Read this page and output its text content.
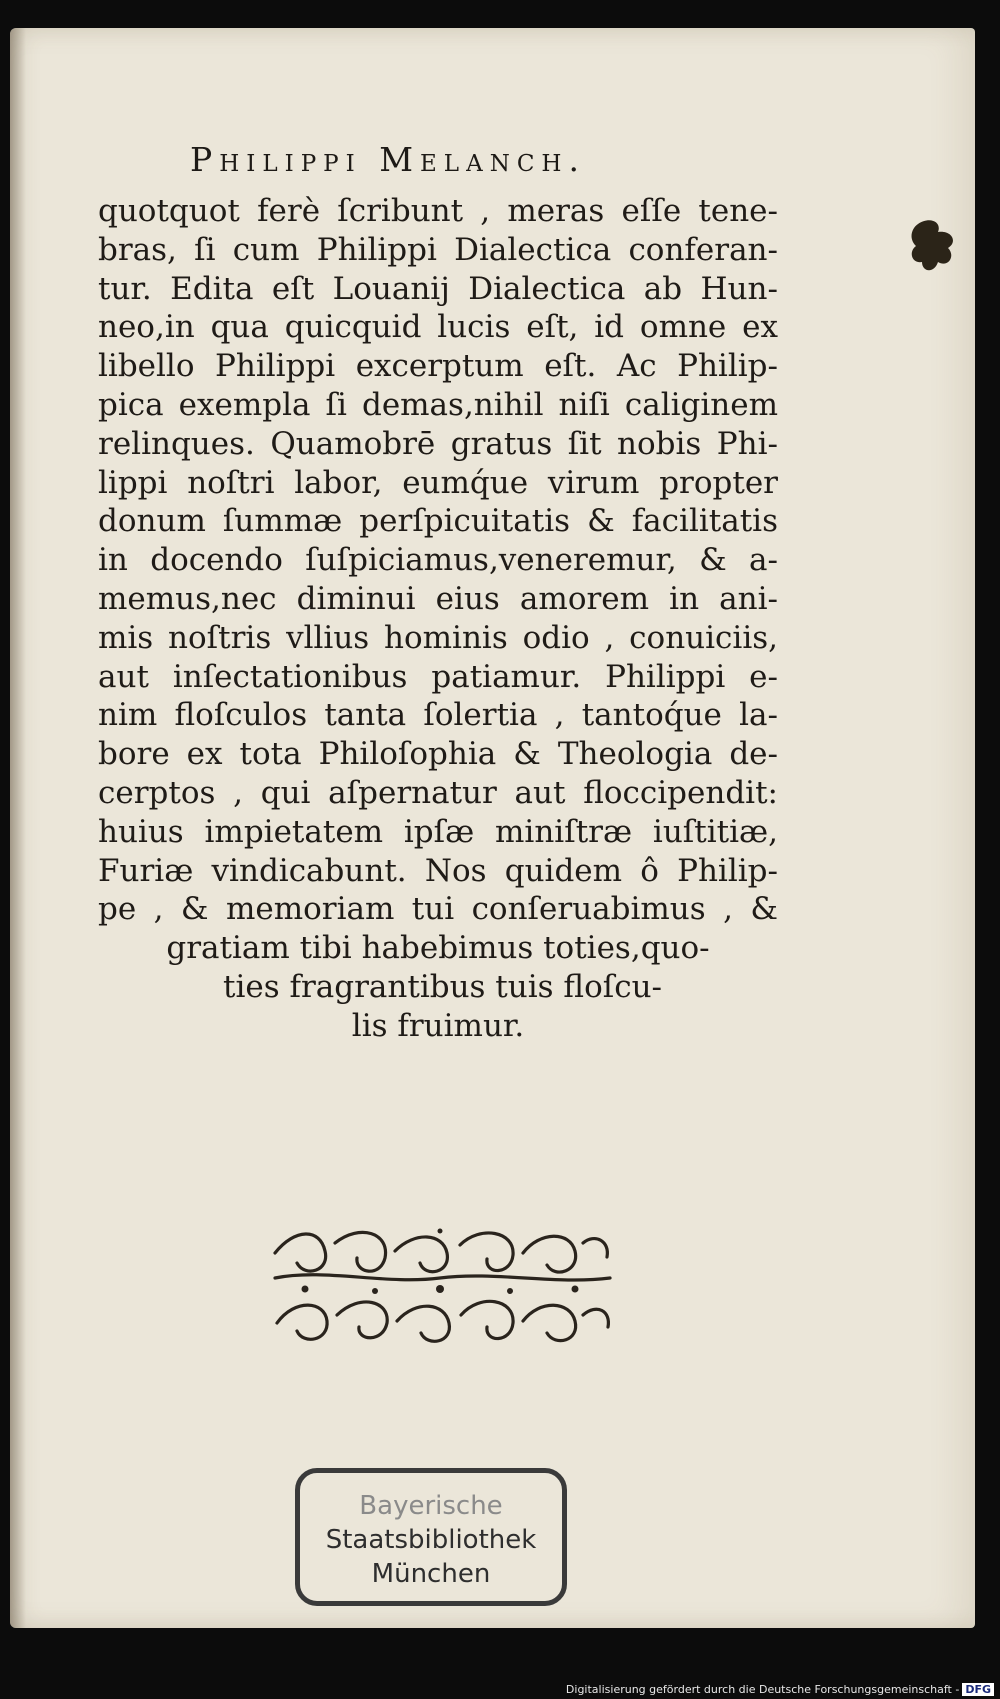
Philippi Melanch.
quotquot ferè ſcribunt , meras eſſe tene-
bras, ſi cum Philippi Dialectica conferan-
tur. Edita eſt Louanij Dialectica ab Hun-
neo,in qua quicquid lucis eſt, id omne ex
libello Philippi excerptum eſt. Ac Philip-
pica exempla ſi demas,nihil niſi caliginem
relinques. Quamobrē gratus ſit nobis Phi-
lippi noſtri labor, eumq́ue virum propter
donum ſummæ perſpicuitatis & facilitatis
in docendo ſuſpiciamus,veneremur, & a-
memus,nec diminui eius amorem in ani-
mis noſtris vllius hominis odio , conuiciis,
aut inſectationibus patiamur. Philippi e-
nim floſculos tanta ſolertia , tantoq́ue la-
bore ex tota Philoſophia & Theologia de-
cerptos , qui aſpernatur aut floccipendit:
huius impietatem ipſæ miniſtræ iuſtitiæ,
Furiæ vindicabunt. Nos quidem ô Philip-
pe , & memoriam tui conſeruabimus , &
gratiam tibi habebimus toties,quo-
ties fragrantibus tuis floſcu-
lis fruimur.
Bayerische
Staatsbibliothek
München
Digitalisierung gefördert durch die Deutsche Forschungsgemeinschaft - DFG
